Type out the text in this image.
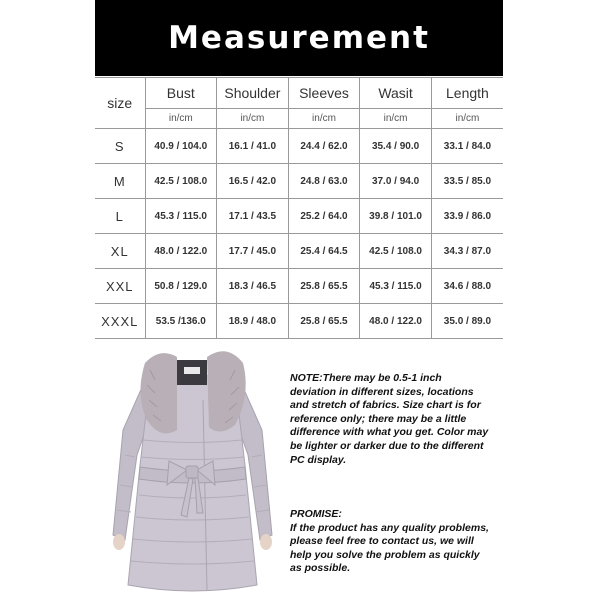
Measurement
size	Bust	Shoulder	Sleeves	Wasit	Length
	in/cm	in/cm	in/cm	in/cm	in/cm
S	40.9 / 104.0	16.1 / 41.0	24.4 / 62.0	35.4 / 90.0	33.1 / 84.0
M	42.5 / 108.0	16.5 / 42.0	24.8 / 63.0	37.0 / 94.0	33.5 / 85.0
L	45.3 / 115.0	17.1 / 43.5	25.2 / 64.0	39.8 / 101.0	33.9 / 86.0
XL	48.0 / 122.0	17.7 / 45.0	25.4 / 64.5	42.5 / 108.0	34.3 / 87.0
XXL	50.8 / 129.0	18.3 / 46.5	25.8 / 65.5	45.3 / 115.0	34.6 / 88.0
XXXL	53.5 /136.0	18.9 / 48.0	25.8 / 65.5	48.0 / 122.0	35.0 / 89.0
NOTE:There may be 0.5-1 inch deviation in different sizes, locations and stretch of fabrics. Size chart is for reference only; there may be a little difference with what you get. Color may be lighter or darker due to the different PC display.
PROMISE:
If the product has any quality problems, please feel free to contact us, we will help you solve the problem as quickly as possible.
